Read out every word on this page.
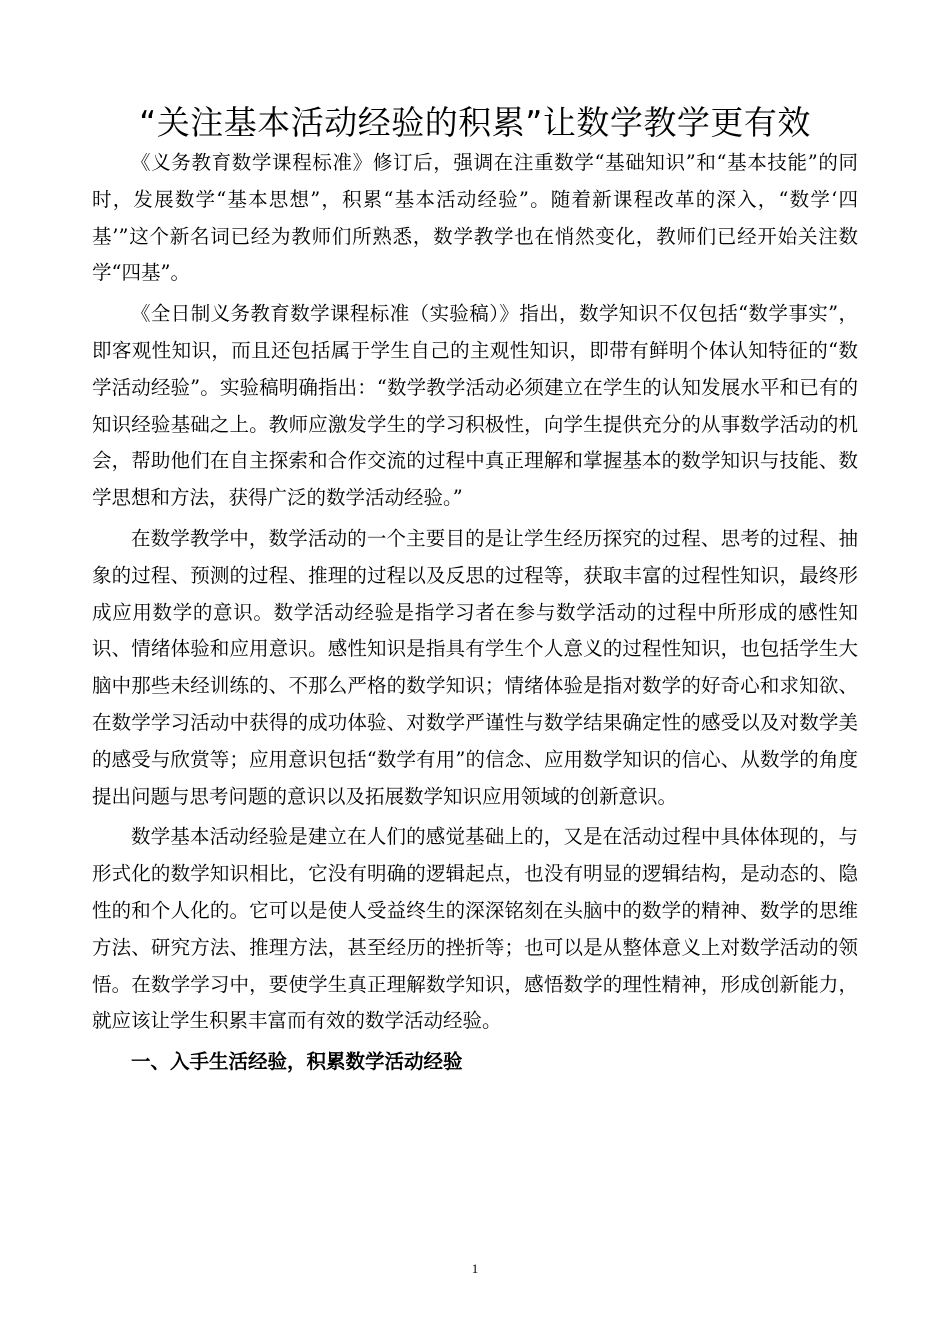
“关注基本活动经验的积累”让数学教学更有效

《义务教育数学课程标准》修订后，强调在注重数学“基础知识”和“基本技能”的同时，发展数学“基本思想”，积累“基本活动经验”。随着新课程改革的深入，“数学‘四基’”这个新名词已经为教师们所熟悉，数学教学也在悄然变化，教师们已经开始关注数学“四基”。

《全日制义务教育数学课程标准（实验稿）》指出，数学知识不仅包括“数学事实”，即客观性知识，而且还包括属于学生自己的主观性知识，即带有鲜明个体认知特征的“数学活动经验”。实验稿明确指出：“数学教学活动必须建立在学生的认知发展水平和已有的知识经验基础之上。教师应激发学生的学习积极性，向学生提供充分的从事数学活动的机会，帮助他们在自主探索和合作交流的过程中真正理解和掌握基本的数学知识与技能、数学思想和方法，获得广泛的数学活动经验。”

在数学教学中，数学活动的一个主要目的是让学生经历探究的过程、思考的过程、抽象的过程、预测的过程、推理的过程以及反思的过程等，获取丰富的过程性知识，最终形成应用数学的意识。数学活动经验是指学习者在参与数学活动的过程中所形成的感性知识、情绪体验和应用意识。感性知识是指具有学生个人意义的过程性知识，也包括学生大脑中那些未经训练的、不那么严格的数学知识；情绪体验是指对数学的好奇心和求知欲、在数学学习活动中获得的成功体验、对数学严谨性与数学结果确定性的感受以及对数学美的感受与欣赏等；应用意识包括“数学有用”的信念、应用数学知识的信心、从数学的角度提出问题与思考问题的意识以及拓展数学知识应用领域的创新意识。

数学基本活动经验是建立在人们的感觉基础上的，又是在活动过程中具体体现的，与形式化的数学知识相比，它没有明确的逻辑起点，也没有明显的逻辑结构，是动态的、隐性的和个人化的。它可以是使人受益终生的深深铭刻在头脑中的数学的精神、数学的思维方法、研究方法、推理方法，甚至经历的挫折等；也可以是从整体意义上对数学活动的领悟。在数学学习中，要使学生真正理解数学知识，感悟数学的理性精神，形成创新能力，就应该让学生积累丰富而有效的数学活动经验。

一、入手生活经验，积累数学活动经验
1
